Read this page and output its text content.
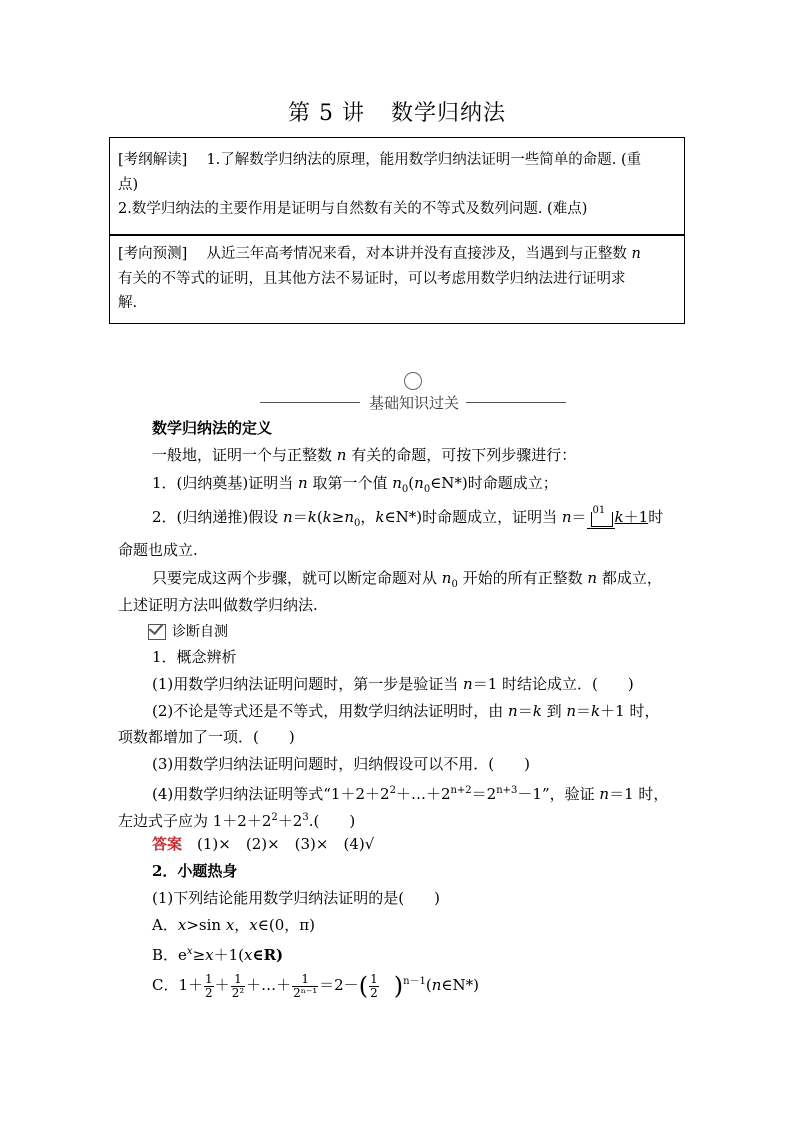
第 5 讲 数学归纳法
[考纲解读]　 1.了解数学归纳法的原理，能用数学归纳法证明一些简单的命题. (重
点)
2.数学归纳法的主要作用是证明与自然数有关的不等式及数列问题. (难点)
[考向预测]　 从近三年高考情况来看，对本讲并没有直接涉及，当遇到与正整数 n
有关的不等式的证明，且其他方法不易证时，可以考虑用数学归纳法进行证明求
解.
基础知识过关
数学归纳法的定义
一般地，证明一个与正整数 n 有关的命题，可按下列步骤进行：
1．(归纳奠基)证明当 n 取第一个值 $n_0(n_0\in N*)$时命题成立；
2．(归纳递推)假设 $n=k(k\ge n_0$，k∈N*)时命题成立，证明当 n＝ 01 k＋1时
命题也成立.
只要完成这两个步骤，就可以断定命题对从 $n_0$ 开始的所有正整数 n 都成立，
上述证明方法叫做数学归纳法.
诊断自测
1．概念辨析
(1)用数学归纳法证明问题时，第一步是验证当 n＝1 时结论成立．(　　)
(2)不论是等式还是不等式，用数学归纳法证明时，由 n＝k 到 n＝k＋1 时，
项数都增加了一项．(　　)
(3)用数学归纳法证明问题时，归纳假设可以不用．(　　)
(4)用数学归纳法证明等式“$1+2+2^2+\dots+2^{n+2}=2^{n+3}-1$”，验证 n＝1 时，
左边式子应为 $1+2+2^2+2^3$.(　　)
答案　 (1)×　(2)×　(3)×　(4)√
2．小题热身
(1)下列结论能用数学归纳法证明的是(　　)
A．x>sin x，x∈(0，π)
B．$e^x\ge x+1(x\in R)$
C．$1+ \frac{1}{2} + \frac{1}{\text{2²}}$ ＋…＋ $\frac{1}{\text{2ⁿ⁻¹}} =2-( \frac{1}{2}$ )$^{n-1}(n\in N*)$
